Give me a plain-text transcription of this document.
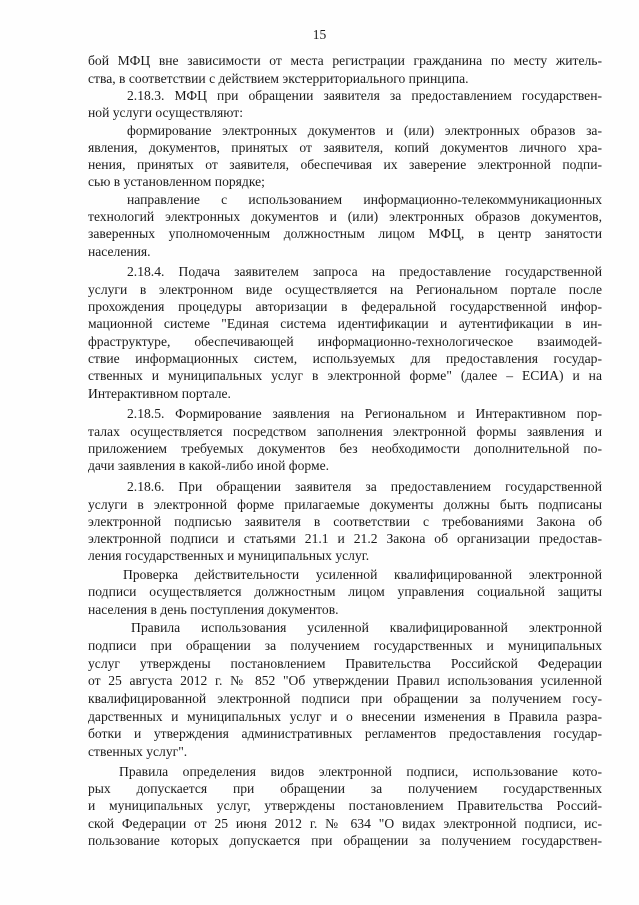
15
бой МФЦ вне зависимости от места регистрации гражданина по месту житель-
ства, в соответствии с действием экстерриториального принципа.
2.18.3. МФЦ при обращении заявителя за предоставлением государствен-
ной услуги осуществляют:
формирование электронных документов и (или) электронных образов за-
явления, документов, принятых от заявителя, копий документов личного хра-
нения, принятых от заявителя, обеспечивая их заверение электронной подпи-
сью в установленном порядке;
направление с использованием информационно-телекоммуникационных
технологий электронных документов и (или) электронных образов документов,
заверенных уполномоченным должностным лицом МФЦ, в центр занятости
населения.
2.18.4. Подача заявителем запроса на предоставление государственной
услуги в электронном виде осуществляется на Региональном портале после
прохождения процедуры авторизации в федеральной государственной инфор-
мационной системе "Единая система идентификации и аутентификации в ин-
фраструктуре, обеспечивающей информационно-технологическое взаимодей-
ствие информационных систем, используемых для предоставления государ-
ственных и муниципальных услуг в электронной форме" (далее – ЕСИА) и на
Интерактивном портале.
2.18.5. Формирование заявления на Региональном и Интерактивном пор-
талах осуществляется посредством заполнения электронной формы заявления и
приложением требуемых документов без необходимости дополнительной по-
дачи заявления в какой-либо иной форме.
2.18.6. При обращении заявителя за предоставлением государственной
услуги в электронной форме прилагаемые документы должны быть подписаны
электронной подписью заявителя в соответствии с требованиями Закона об
электронной подписи и статьями 21.1 и 21.2 Закона об организации предостав-
ления государственных и муниципальных услуг.
Проверка действительности усиленной квалифицированной электронной
подписи осуществляется должностным лицом управления социальной защиты
населения в день поступления документов.
Правила использования усиленной квалифицированной электронной
подписи при обращении за получением государственных и муниципальных
услуг утверждены постановлением Правительства Российской Федерации
от 25 августа 2012 г. № 852 "Об утверждении Правил использования усиленной
квалифицированной электронной подписи при обращении за получением госу-
дарственных и муниципальных услуг и о внесении изменения в Правила разра-
ботки и утверждения административных регламентов предоставления государ-
ственных услуг".
Правила определения видов электронной подписи, использование кото-
рых допускается при обращении за получением государственных
и муниципальных услуг, утверждены постановлением Правительства Россий-
ской Федерации от 25 июня 2012 г. № 634 "О видах электронной подписи, ис-
пользование которых допускается при обращении за получением государствен-
